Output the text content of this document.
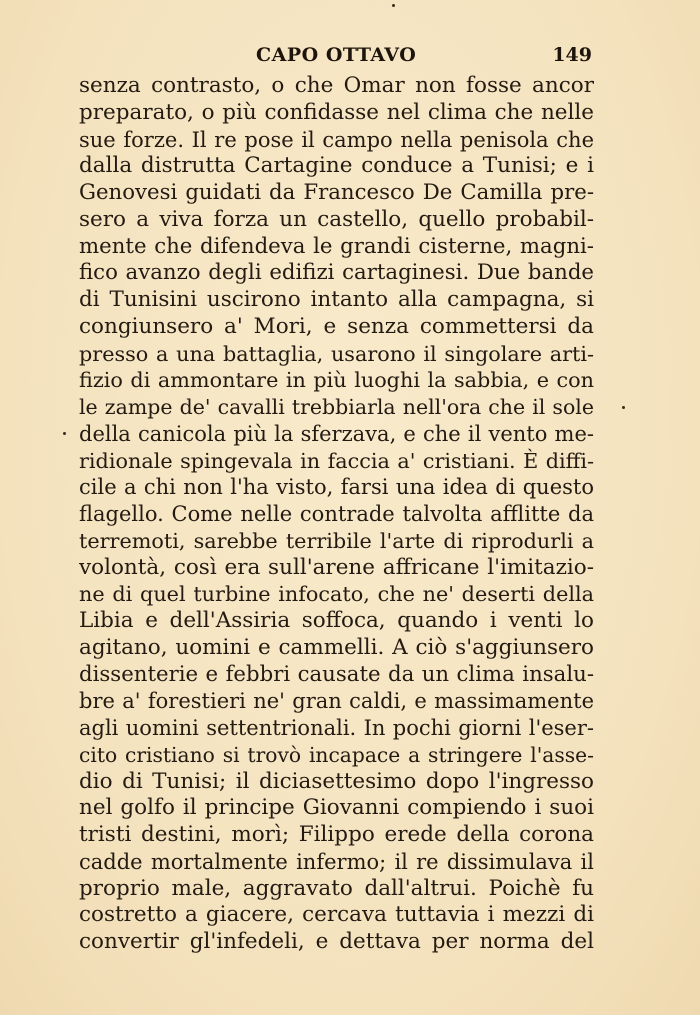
CAPO OTTAVO	149
senza contrasto, o che Omar non fosse ancor
preparato, o più confidasse nel clima che nelle
sue forze. Il re pose il campo nella penisola che
dalla distrutta Cartagine conduce a Tunisi; e i
Genovesi guidati da Francesco De Camilla pre-
sero a viva forza un castello, quello probabil-
mente che difendeva le grandi cisterne, magni-
fico avanzo degli edifizi cartaginesi. Due bande
di Tunisini uscirono intanto alla campagna, si
congiunsero a' Mori, e senza commettersi da
presso a una battaglia, usarono il singolare arti-
fizio di ammontare in più luoghi la sabbia, e con
le zampe de' cavalli trebbiarla nell'ora che il sole
della canicola più la sferzava, e che il vento me-
ridionale spingevala in faccia a' cristiani. È diffi-
cile a chi non l'ha visto, farsi una idea di questo
flagello. Come nelle contrade talvolta afflitte da
terremoti, sarebbe terribile l'arte di riprodurli a
volontà, così era sull'arene affricane l'imitazio-
ne di quel turbine infocato, che ne' deserti della
Libia e dell'Assiria soffoca, quando i venti lo
agitano, uomini e cammelli. A ciò s'aggiunsero
dissenterie e febbri causate da un clima insalu-
bre a' forestieri ne' gran caldi, e massimamente
agli uomini settentrionali. In pochi giorni l'eser-
cito cristiano si trovò incapace a stringere l'asse-
dio di Tunisi; il diciasettesimo dopo l'ingresso
nel golfo il principe Giovanni compiendo i suoi
tristi destini, morì; Filippo erede della corona
cadde mortalmente infermo; il re dissimulava il
proprio male, aggravato dall'altrui. Poichè fu
costretto a giacere, cercava tuttavia i mezzi di
convertir gl'infedeli, e dettava per norma del
